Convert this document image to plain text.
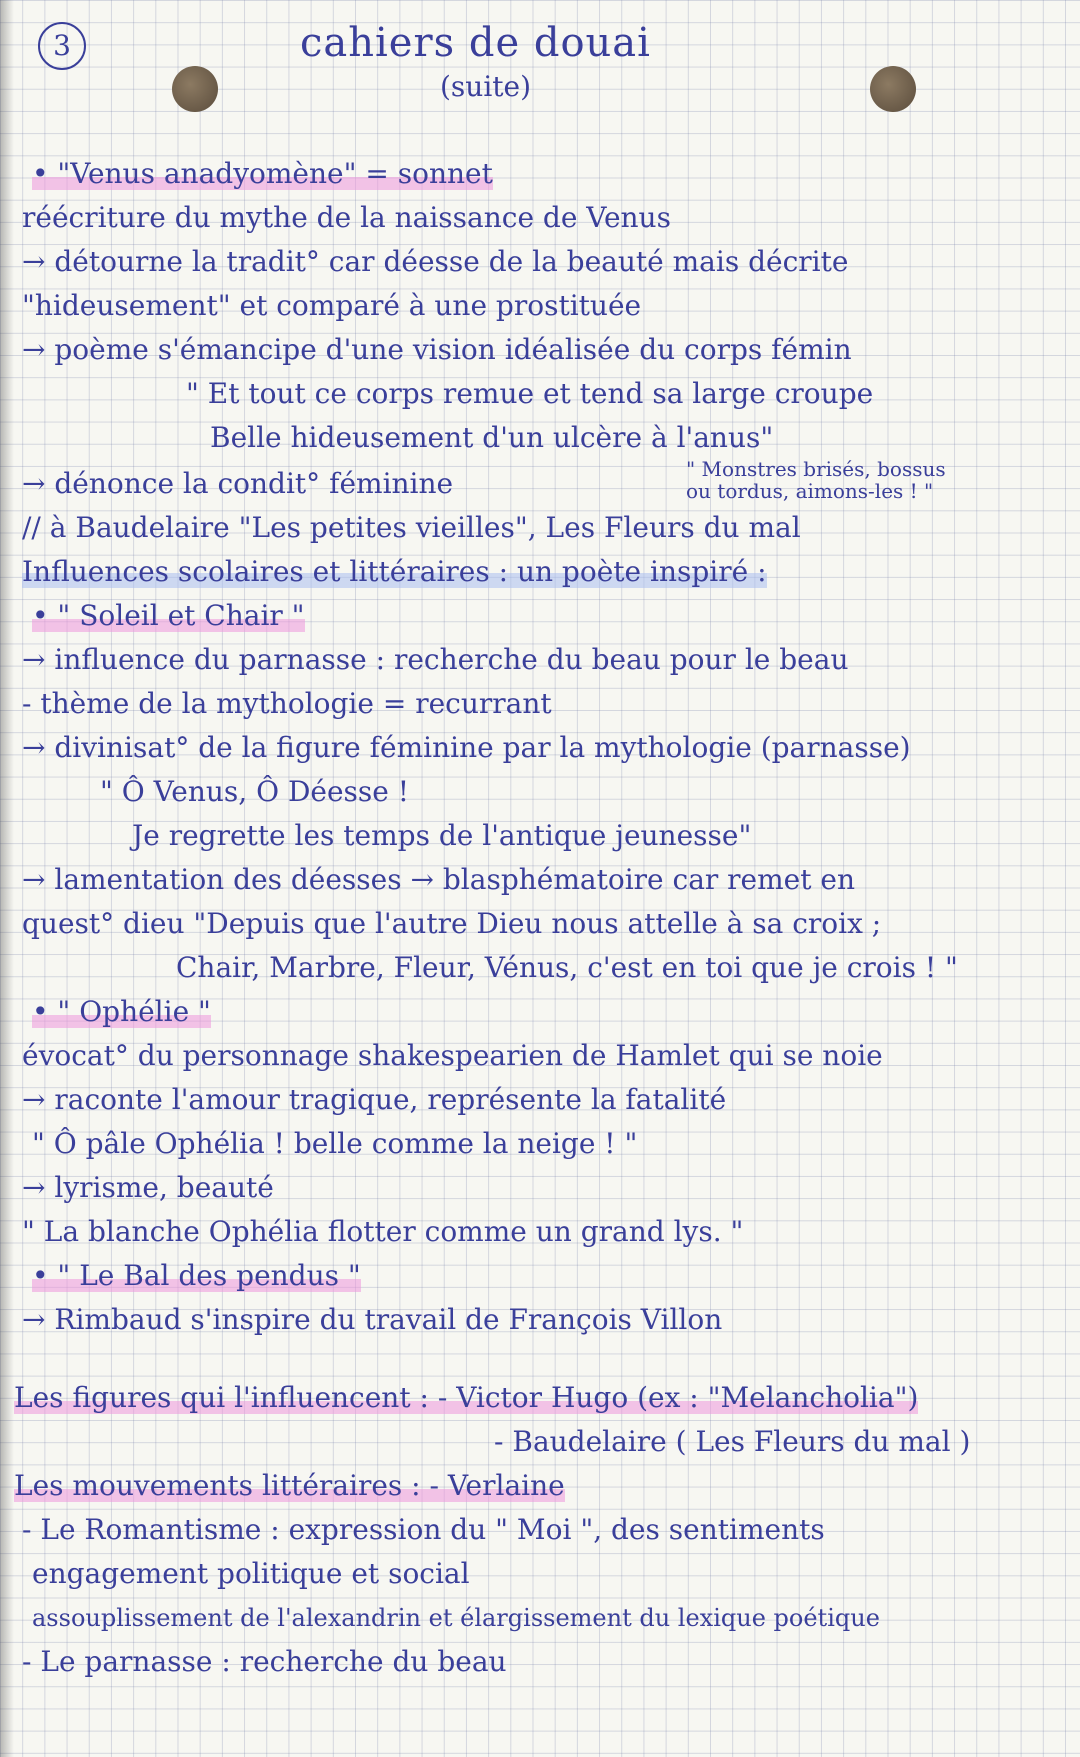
3	cahiers de douai
(suite)
• "Venus anadyomène" = sonnet
réécriture du mythe de la naissance de Venus
→ détourne la tradit° car déesse de la beauté mais décrite
"hideusement" et comparé à une prostituée
→ poème s'émancipe d'une vision idéalisée du corps fémin
" Et tout ce corps remue et tend sa large croupe
Belle hideusement d'un ulcère à l'anus"
→ dénonce la condit° féminine	" Monstres brisés, bossus
ou tordus, aimons-les ! "
// à Baudelaire "Les petites vieilles", Les Fleurs du mal
Influences scolaires et littéraires : un poète inspiré :
• " Soleil et Chair "
→ influence du parnasse : recherche du beau pour le beau
- thème de la mythologie = recurrant
→ divinisat° de la figure féminine par la mythologie (parnasse)
" Ô Venus, Ô Déesse !
Je regrette les temps de l'antique jeunesse"
→ lamentation des déesses → blasphématoire car remet en
quest° dieu "Depuis que l'autre Dieu nous attelle à sa croix ;
Chair, Marbre, Fleur, Vénus, c'est en toi que je crois ! "
• " Ophélie "
évocat° du personnage shakespearien de Hamlet qui se noie
→ raconte l'amour tragique, représente la fatalité
" Ô pâle Ophélia ! belle comme la neige ! "
→ lyrisme, beauté
" La blanche Ophélia flotter comme un grand lys. "
• " Le Bal des pendus "
→ Rimbaud s'inspire du travail de François Villon
Les figures qui l'influencent : - Victor Hugo (ex : "Melancholia")
- Baudelaire ( Les Fleurs du mal )
Les mouvements littéraires : - Verlaine
- Le Romantisme : expression du " Moi ", des sentiments
engagement politique et social
assouplissement de l'alexandrin et élargissement du lexique poétique
- Le parnasse : recherche du beau
